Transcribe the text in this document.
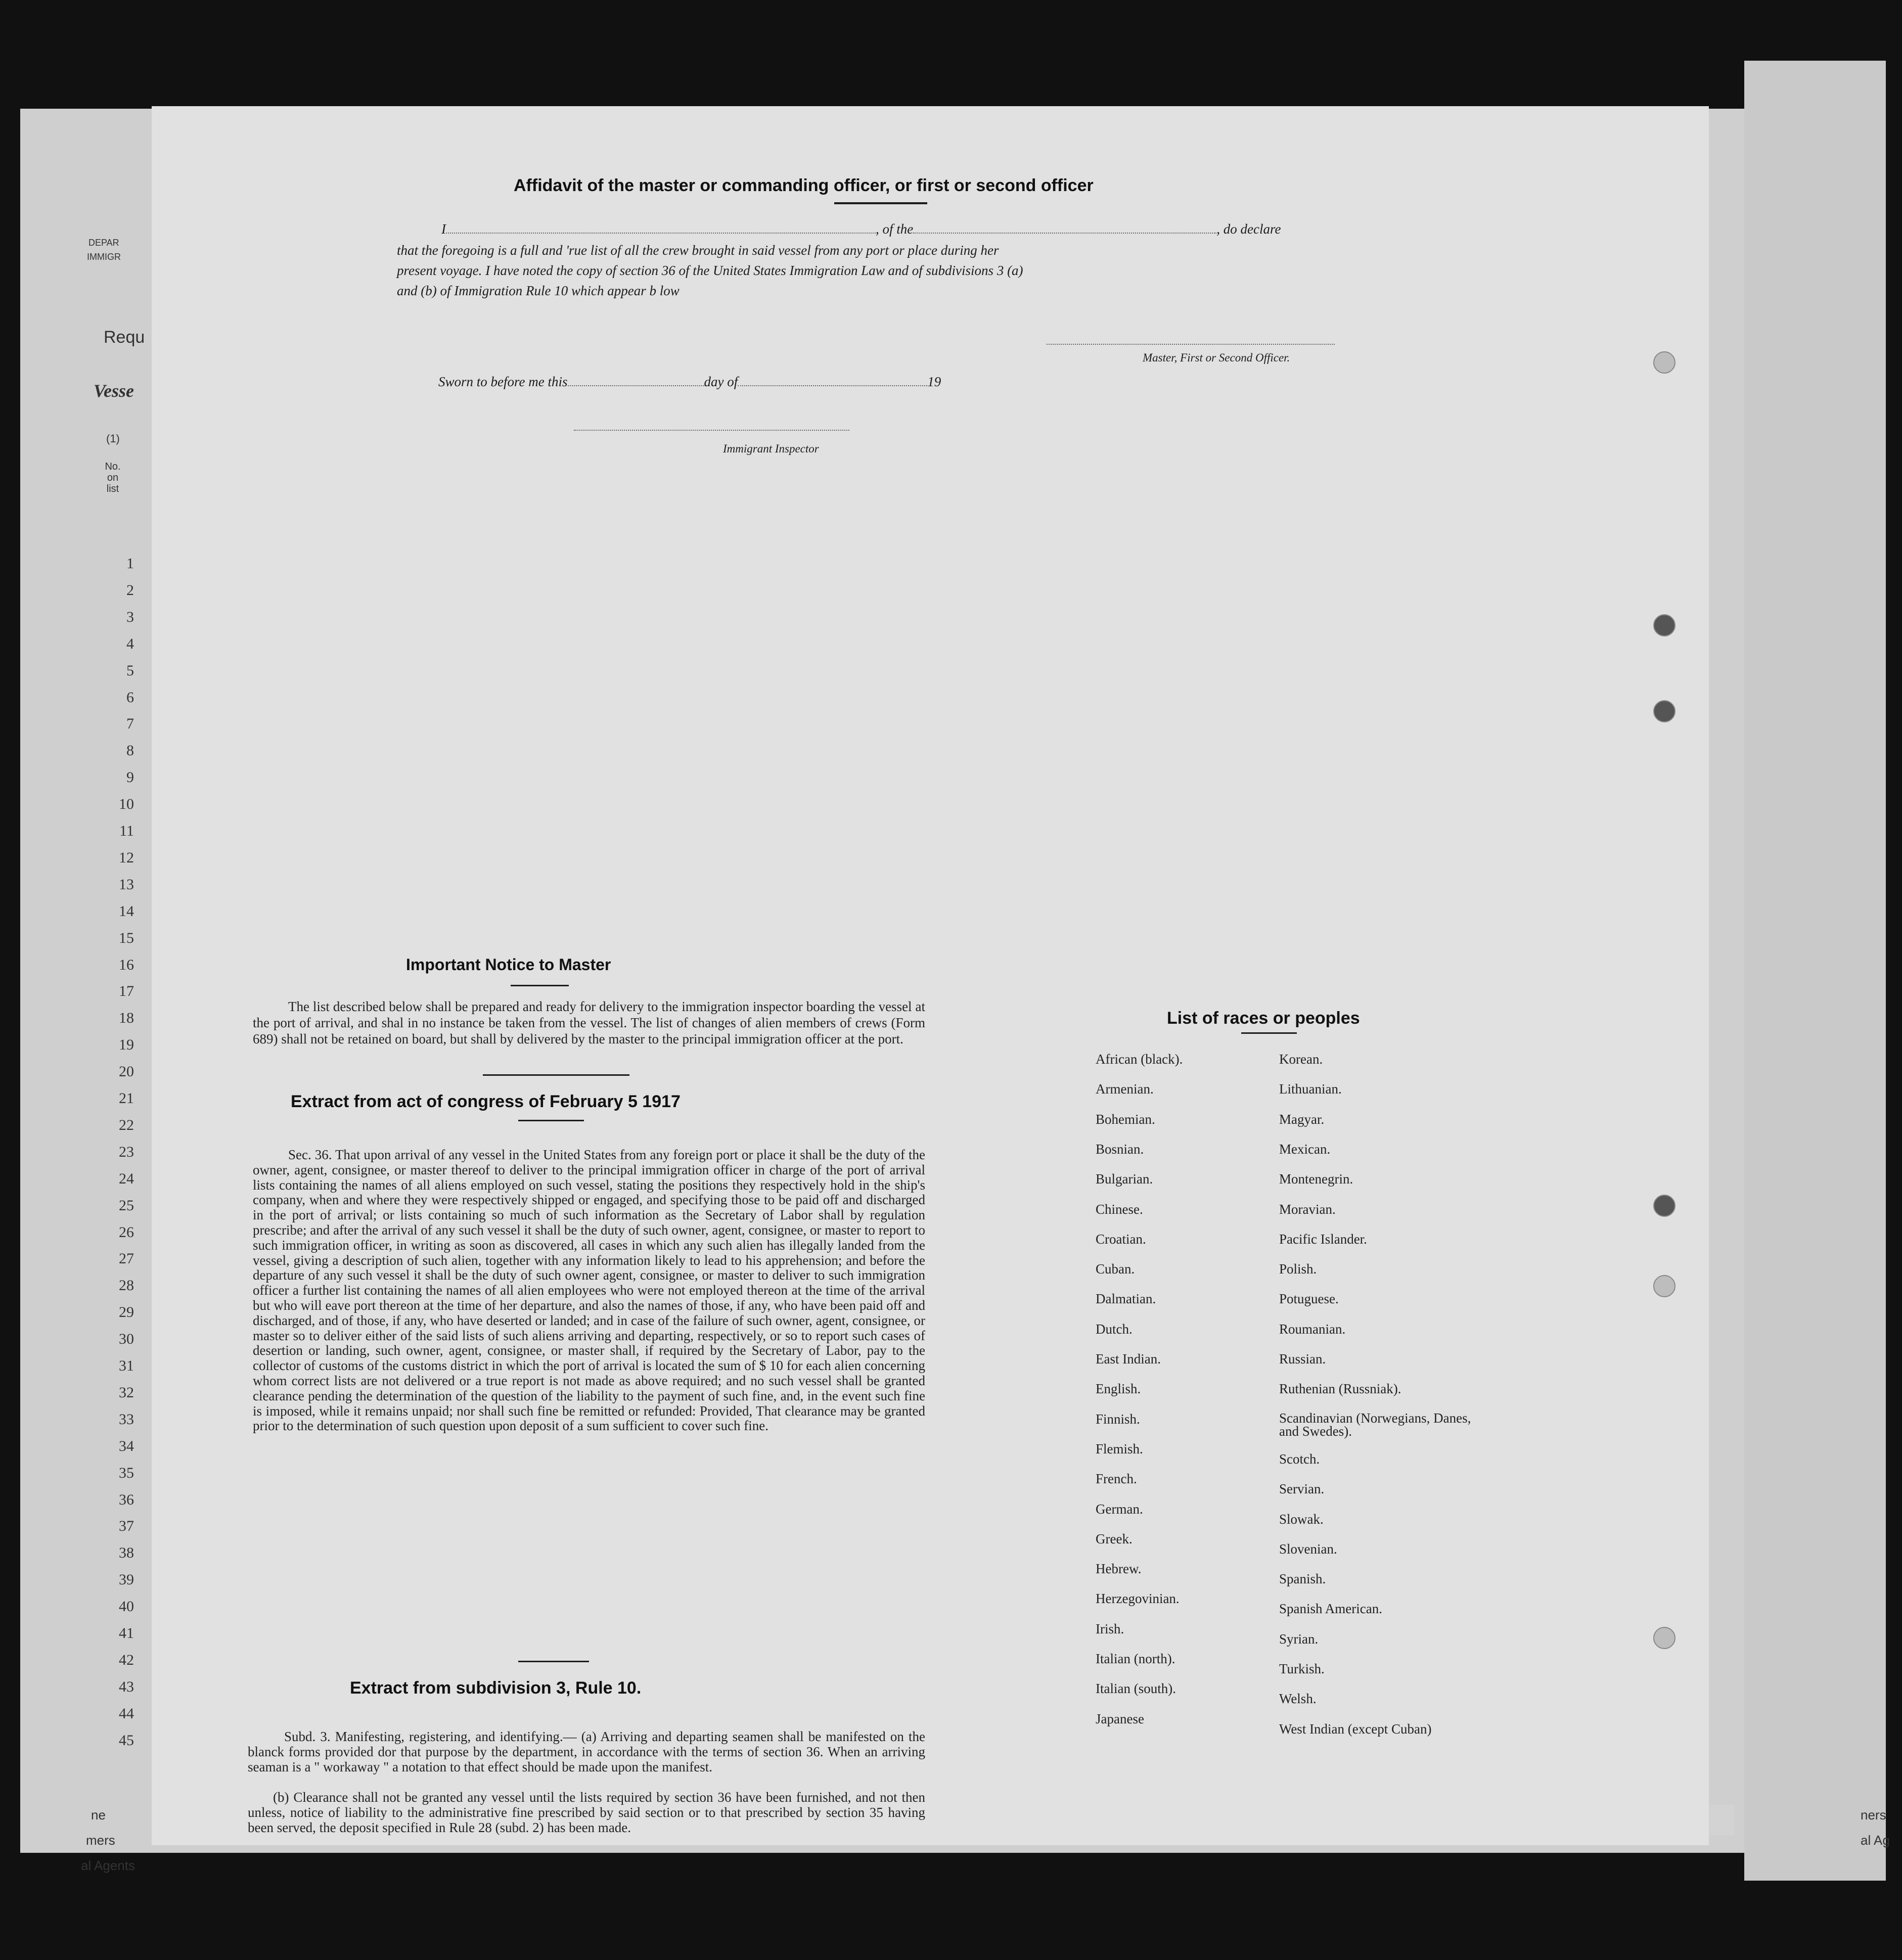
DEPAR
IMMIGR
Requ
Vesse
(1)
No. on list
1
2
3
4
5
6
7
8
9
10
11
12
13
14
15
16
17
18
19
20
21
22
23
24
25
26
27
28
29
30
31
32
33
34
35
36
37
38
39
40
41
42
43
44
45
ne
mers
al Agents
ners
al Ag
Affidavit of the master or commanding officer, or first or second officer
I	, of the	, do declare
that the foregoing is a full and 'rue list of all the crew brought in said vessel from any port or place during her
present voyage. I have noted the copy of section 36 of the United States Immigration Law and of subdivisions 3 (a)
and (b) of Immigration Rule 10 which appear b low
Master, First or Second Officer.
Sworn to before me this	day of	19
Immigrant Inspector
Important Notice to Master
The list described below shall be prepared and ready for delivery to the immigration inspector boarding the vessel at the port of arrival, and shal in no instance be taken from the vessel. The list of changes of alien members of crews (Form 689) shall not be retained on board, but shall by delivered by the master to the principal immigration officer at the port.
Extract from act of congress of February 5 1917
Sec. 36. That upon arrival of any vessel in the United States from any foreign port or place it shall be the duty of the owner, agent, consignee, or master thereof to deliver to the principal immigration officer in charge of the port of arrival lists containing the names of all aliens employed on such vessel, stating the positions they respectively hold in the ship's company, when and where they were respectively shipped or engaged, and specifying those to be paid off and discharged in the port of arrival; or lists containing so much of such information as the Secretary of Labor shall by regulation prescribe; and after the arrival of any such vessel it shall be the duty of such owner, agent, consignee, or master to report to such immigration officer, in writing as soon as discovered, all cases in which any such alien has illegally landed from the vessel, giving a description of such alien, together with any information likely to lead to his apprehension; and before the departure of any such vessel it shall be the duty of such owner agent, consignee, or master to deliver to such immigration officer a further list containing the names of all alien employees who were not employed thereon at the time of the arrival but who will eave port thereon at the time of her departure, and also the names of those, if any, who have been paid off and discharged, and of those, if any, who have deserted or landed; and in case of the failure of such owner, agent, consignee, or master so to deliver either of the said lists of such aliens arriving and departing, respectively, or so to report such cases of desertion or landing, such owner, agent, consignee, or master shall, if required by the Secretary of Labor, pay to the collector of customs of the customs district in which the port of arrival is located the sum of $ 10 for each alien concerning whom correct lists are not delivered or a true report is not made as above required; and no such vessel shall be granted clearance pending the determination of the question of the liability to the payment of such fine, and, in the event such fine is imposed, while it remains unpaid; nor shall such fine be remitted or refunded: Provided, That clearance may be granted prior to the determination of such question upon deposit of a sum sufficient to cover such fine.
Extract from subdivision 3, Rule 10.
Subd. 3. Manifesting, registering, and identifying.— (a) Arriving and departing seamen shall be manifested on the blanck forms provided dor that purpose by the department, in accordance with the terms of section 36. When an arriving seaman is a " workaway " a notation to that effect should be made upon the manifest.
(b) Clearance shall not be granted any vessel until the lists required by section 36 have been furnished, and not then unless, notice of liability to the administrative fine prescribed by said section or to that prescribed by section 35 having been served, the deposit specified in Rule 28 (subd. 2) has been made.
List of races or peoples
African (black).
Armenian.
Bohemian.
Bosnian.
Bulgarian.
Chinese.
Croatian.
Cuban.
Dalmatian.
Dutch.
East Indian.
English.
Finnish.
Flemish.
French.
German.
Greek.
Hebrew.
Herzegovinian.
Irish.
Italian (north).
Italian (south).
Japanese
Korean.
Lithuanian.
Magyar.
Mexican.
Montenegrin.
Moravian.
Pacific Islander.
Polish.
Potuguese.
Roumanian.
Russian.
Ruthenian (Russniak).
Scandinavian (Norwegians, Danes, and Swedes).
Scotch.
Servian.
Slowak.
Slovenian.
Spanish.
Spanish American.
Syrian.
Turkish.
Welsh.
West Indian (except Cuban)
